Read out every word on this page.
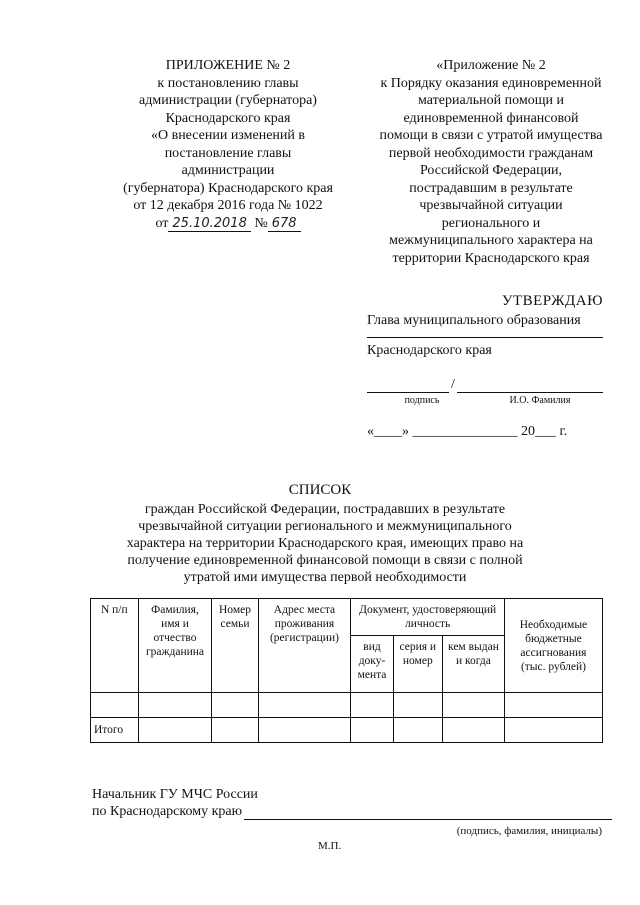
ПРИЛОЖЕНИЕ № 2
к постановлению главы
администрации (губернатора)
Краснодарского края
«О внесении изменений в
постановление главы администрации
(губернатора) Краснодарского края
от 12 декабря 2016 года № 1022
от 25.10.2018 № 678
«Приложение № 2
к Порядку оказания единовременной
материальной помощи и
единовременной финансовой
помощи в связи с утратой имущества
первой необходимости гражданам
Российской Федерации,
пострадавшим в результате
чрезвычайной ситуации
регионального и
межмуниципального характера на
территории Краснодарского края
УТВЕРЖДАЮ
Глава муниципального образования
Краснодарского края
/
подпись	И.О. Фамилия
«____» _______________ 20___ г.
СПИСОК
граждан Российской Федерации, пострадавших в результате чрезвычайной ситуации регионального и межмуниципального характера на территории Краснодарского края, имеющих право на получение единовременной финансовой помощи в связи с полной утратой ими имущества первой необходимости
N п/п	Фамилия, имя и отчество гражданина	Номер семьи	Адрес места проживания (регистрации)	Документ, удостоверяющий личность			Необходимые бюджетные ассигнования (тыс. рублей)
				вид доку-мента	серия и номер	кем выдан и когда	

Итого							
Начальник ГУ МЧС России
по Краснодарскому краю
(подпись, фамилия, инициалы)
М.П.
